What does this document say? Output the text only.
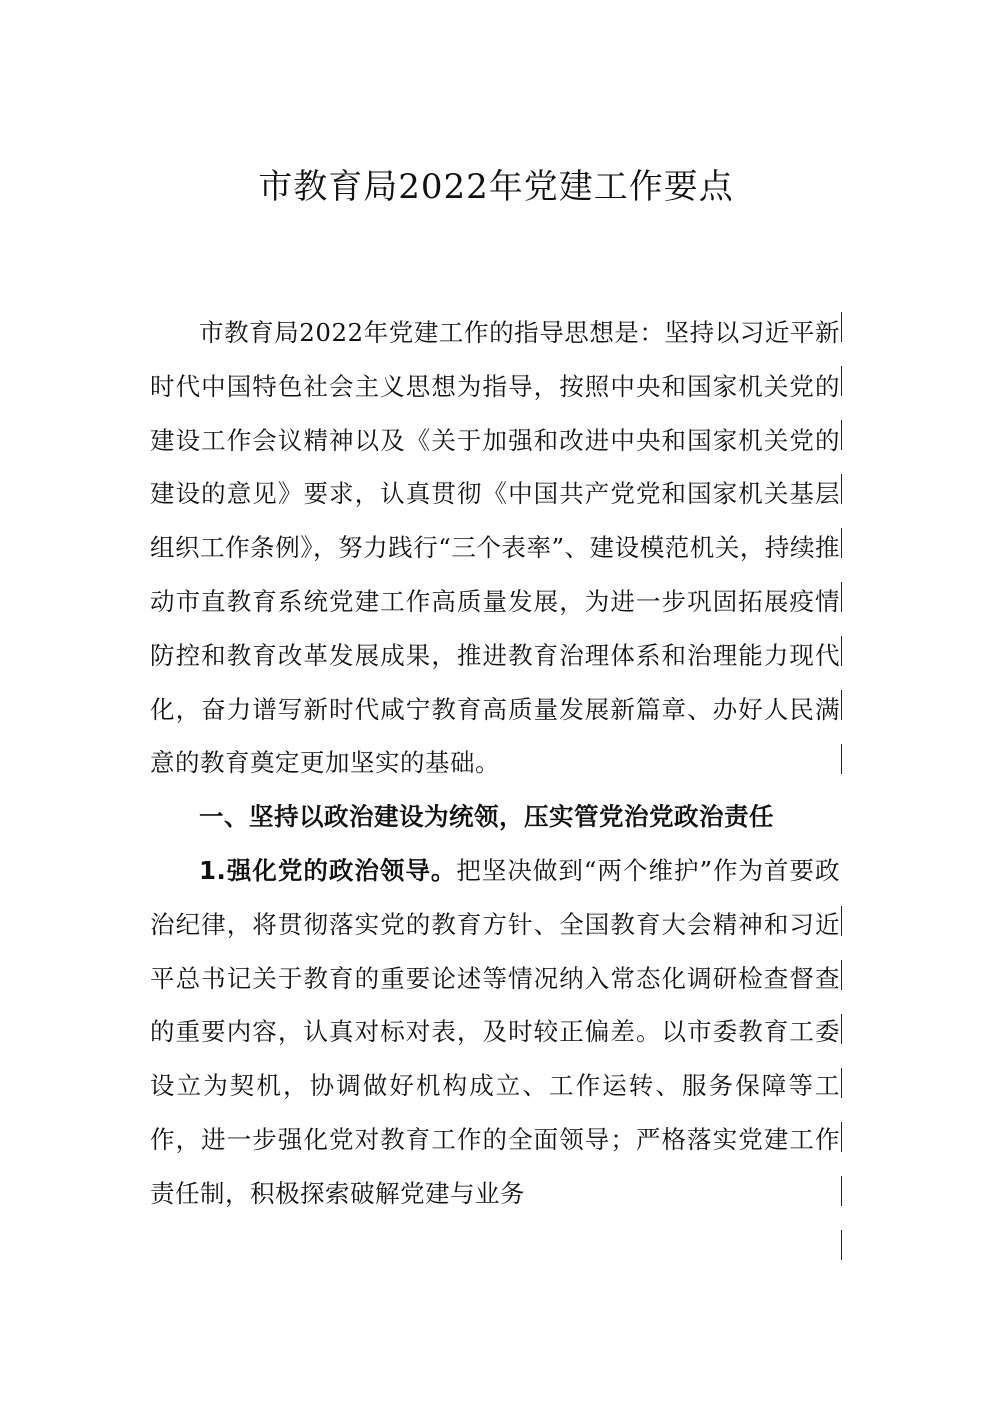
市教育局2022年党建工作要点

市教育局2022年党建工作的指导思想是：坚持以习近平新时代中国特色社会主义思想为指导，按照中央和国家机关党的建设工作会议精神以及《关于加强和改进中央和国家机关党的建设的意见》要求，认真贯彻《中国共产党党和国家机关基层组织工作条例》，努力践行“三个表率”、建设模范机关，持续推动市直教育系统党建工作高质量发展，为进一步巩固拓展疫情防控和教育改革发展成果，推进教育治理体系和治理能力现代化，奋力谱写新时代咸宁教育高质量发展新篇章、办好人民满意的教育奠定更加坚实的基础。

一、坚持以政治建设为统领，压实管党治党政治责任

1.强化党的政治领导。把坚决做到“两个维护”作为首要政治纪律，将贯彻落实党的教育方针、全国教育大会精神和习近平总书记关于教育的重要论述等情况纳入常态化调研检查督查的重要内容，认真对标对表，及时较正偏差。以市委教育工委设立为契机，协调做好机构成立、工作运转、服务保障等工作，进一步强化党对教育工作的全面领导；严格落实党建工作责任制，积极探索破解党建与业务
